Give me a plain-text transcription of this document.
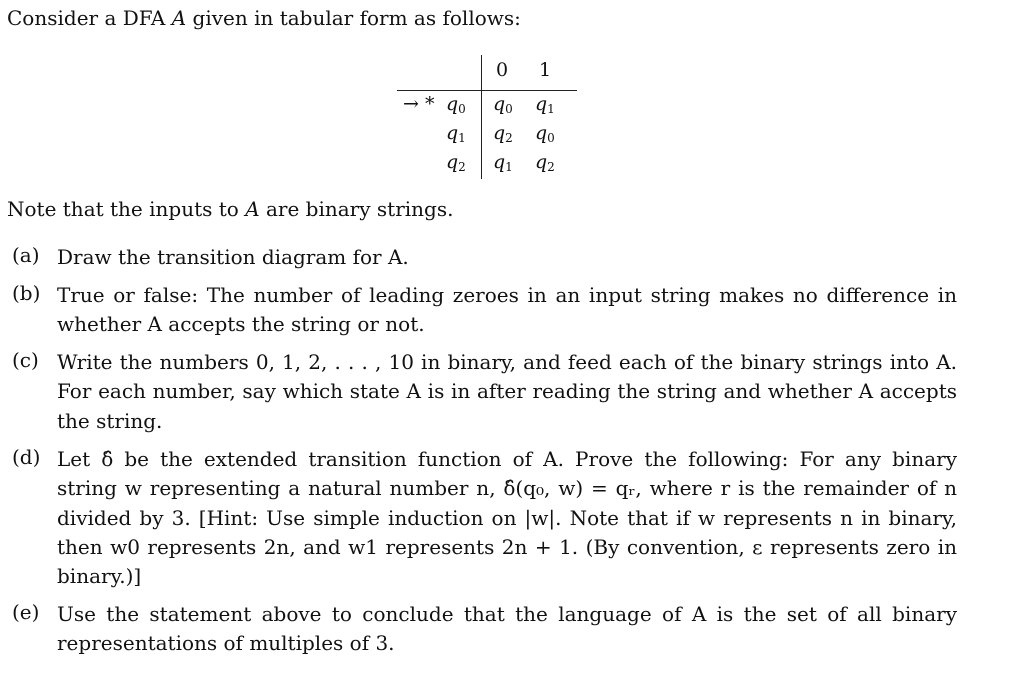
Consider a DFA A given in tabular form as follows:
0 1
→ * $q_0$ $q_0$ $q_1$
$q_1$ $q_2$ $q_0$
$q_2$ $q_1$ $q_2$
Note that the inputs to A are binary strings.
(a) Draw the transition diagram for A.
(b) True or false: The number of leading zeroes in an input string makes no difference in whether A accepts the string or not.
(c) Write the numbers 0, 1, 2, . . . , 10 in binary, and feed each of the binary strings into A. For each number, say which state A is in after reading the string and whether A accepts the string.
(d) Let δ̂ be the extended transition function of A. Prove the following: For any binary string w representing a natural number n, δ̂(q₀, w) = qᵣ, where r is the remainder of n divided by 3. [Hint: Use simple induction on |w|. Note that if w represents n in binary, then w0 represents 2n, and w1 represents 2n + 1. (By convention, ε represents zero in binary.)]
(e) Use the statement above to conclude that the language of A is the set of all binary representations of multiples of 3.
